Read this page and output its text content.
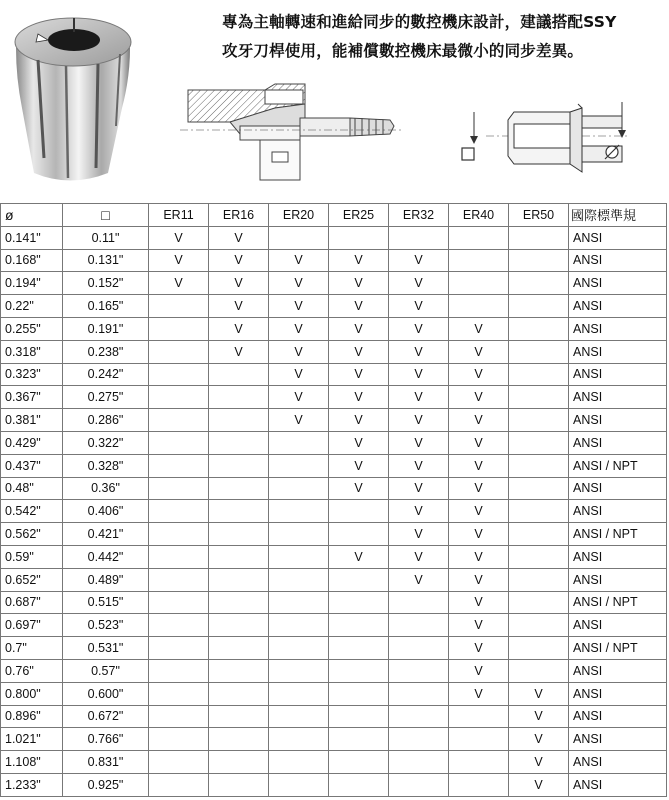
專為主軸轉速和進給同步的數控機床設計，建議搭配SSY
攻牙刀桿使用，能補償數控機床最微小的同步差異。
ø	□	ER11	ER16	ER20	ER25	ER32	ER40	ER50	國際標準規
0.141"	0.11"	V	V						ANSI
0.168"	0.131"	V	V	V	V	V			ANSI
0.194"	0.152"	V	V	V	V	V			ANSI
0.22"	0.165"		V	V	V	V			ANSI
0.255"	0.191"		V	V	V	V	V		ANSI
0.318"	0.238"		V	V	V	V	V		ANSI
0.323"	0.242"			V	V	V	V		ANSI
0.367"	0.275"			V	V	V	V		ANSI
0.381"	0.286"			V	V	V	V		ANSI
0.429"	0.322"				V	V	V		ANSI
0.437"	0.328"				V	V	V		ANSI / NPT
0.48"	0.36"				V	V	V		ANSI
0.542"	0.406"					V	V		ANSI
0.562"	0.421"					V	V		ANSI / NPT
0.59"	0.442"				V	V	V		ANSI
0.652"	0.489"					V	V		ANSI
0.687"	0.515"						V		ANSI / NPT
0.697"	0.523"						V		ANSI
0.7"	0.531"						V		ANSI / NPT
0.76"	0.57"						V		ANSI
0.800"	0.600"						V	V	ANSI
0.896"	0.672"							V	ANSI
1.021"	0.766"							V	ANSI
1.108"	0.831"							V	ANSI
1.233"	0.925"							V	ANSI
